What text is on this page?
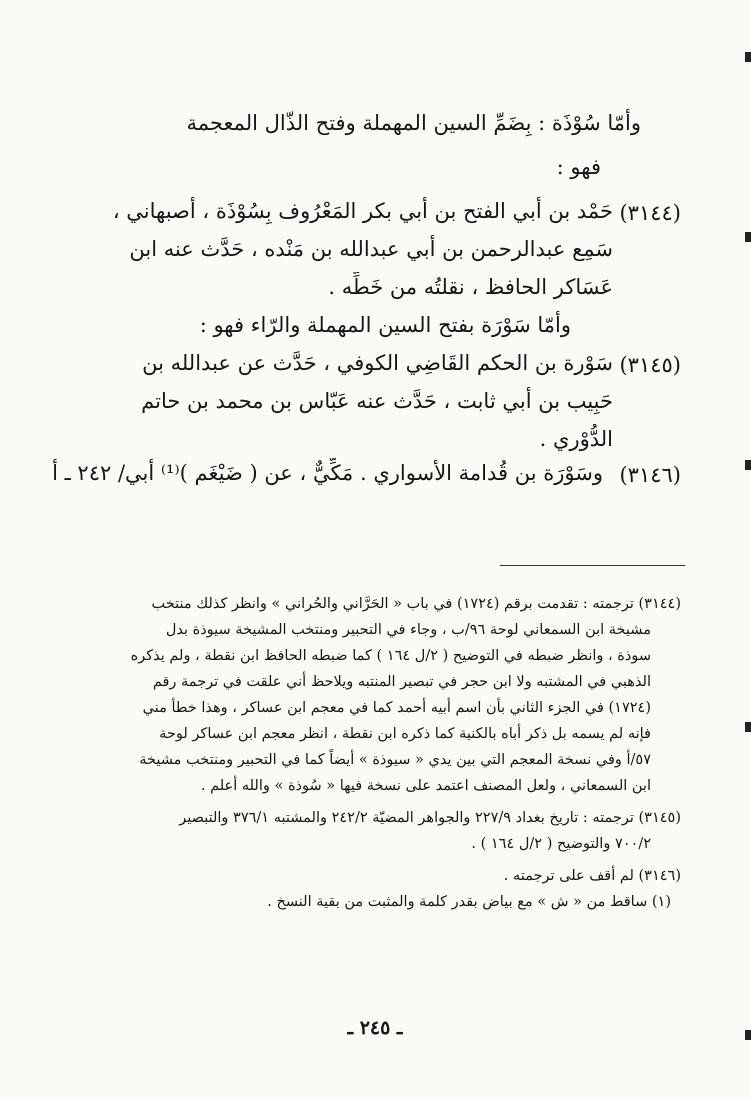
وأمّا سُوْذَة : بِضَمِّ السين المهملة وفتح الذّال المعجمة
فهو :
(٣١٤٤)
حَمْد بن أبي الفتح بن أبي بكر المَعْرُوف بِسُوْذَة ، أصبهاني ،
سَمِع عبدالرحمن بن أبي عبدالله بن مَنْده ، حَدَّث عنه ابن
عَسَاكر الحافظ ، نقلتُه من خَطِّه .
وأمّا سَوْرَة بفتح السين المهملة والرّاء فهو :
(٣١٤٥)
سَوْرة بن الحكم القَاضِي الكوفي ، حَدَّث عن عبدالله بن
حَبِيب بن أبي ثابت ، حَدَّث عنه عَبّاس بن محمد بن حاتم
الدُّوْري .
(٣١٤٦)
وسَوْرَة بن قُدامة الأسواري . مَكِّيٌّ ، عن ( ضَيْغَم )⁽¹⁾ أبي/ ٢٤٢ ـ أ
(٣١٤٤) ترجمته : تقدمت برقم (١٧٢٤) في باب « الحَرَّاني والحُراني » وانظر كذلك منتخب
مشيخة ابن السمعاني لوحة ٩٦/ب ، وجاء في التحبير ومنتخب المشيخة سيوذة بدل
سوذة ، وانظر ضبطه في التوضيح ( ٢/ل ١٦٤ ) كما ضبطه الحافظ ابن نقطة ، ولم يذكره
الذهبي في المشتبه ولا ابن حجر في تبصير المنتبه ويلاحظ أني علقت في ترجمة رقم
(١٧٢٤) في الجزء الثاني بأن اسم أبيه أحمد كما في معجم ابن عساكر ، وهذا خطأ مني
فإنه لم يسمه بل ذكر أباه بالكنية كما ذكره ابن نقطة ، انظر معجم ابن عساكر لوحة
٥٧/أ وفي نسخة المعجم التي بين يدي « سيوذة » أيضاً كما في التحبير ومنتخب مشيخة
ابن السمعاني ، ولعل المصنف اعتمد على نسخة فيها « سُوذة » والله أعلم .
(٣١٤٥) ترجمته : تاريخ بغداد ٢٢٧/٩ والجواهر المضيّة ٢٤٢/٢ والمشتبه ٣٧٦/١ والتبصير
٧٠٠/٢ والتوضيح ( ٢/ل ١٦٤ ) .
(٣١٤٦) لم أقف على ترجمته .
(١) ساقط من « ش » مع بياض بقدر كلمة والمثبت من بقية النسخ .
ـ ٢٤٥ ـ
